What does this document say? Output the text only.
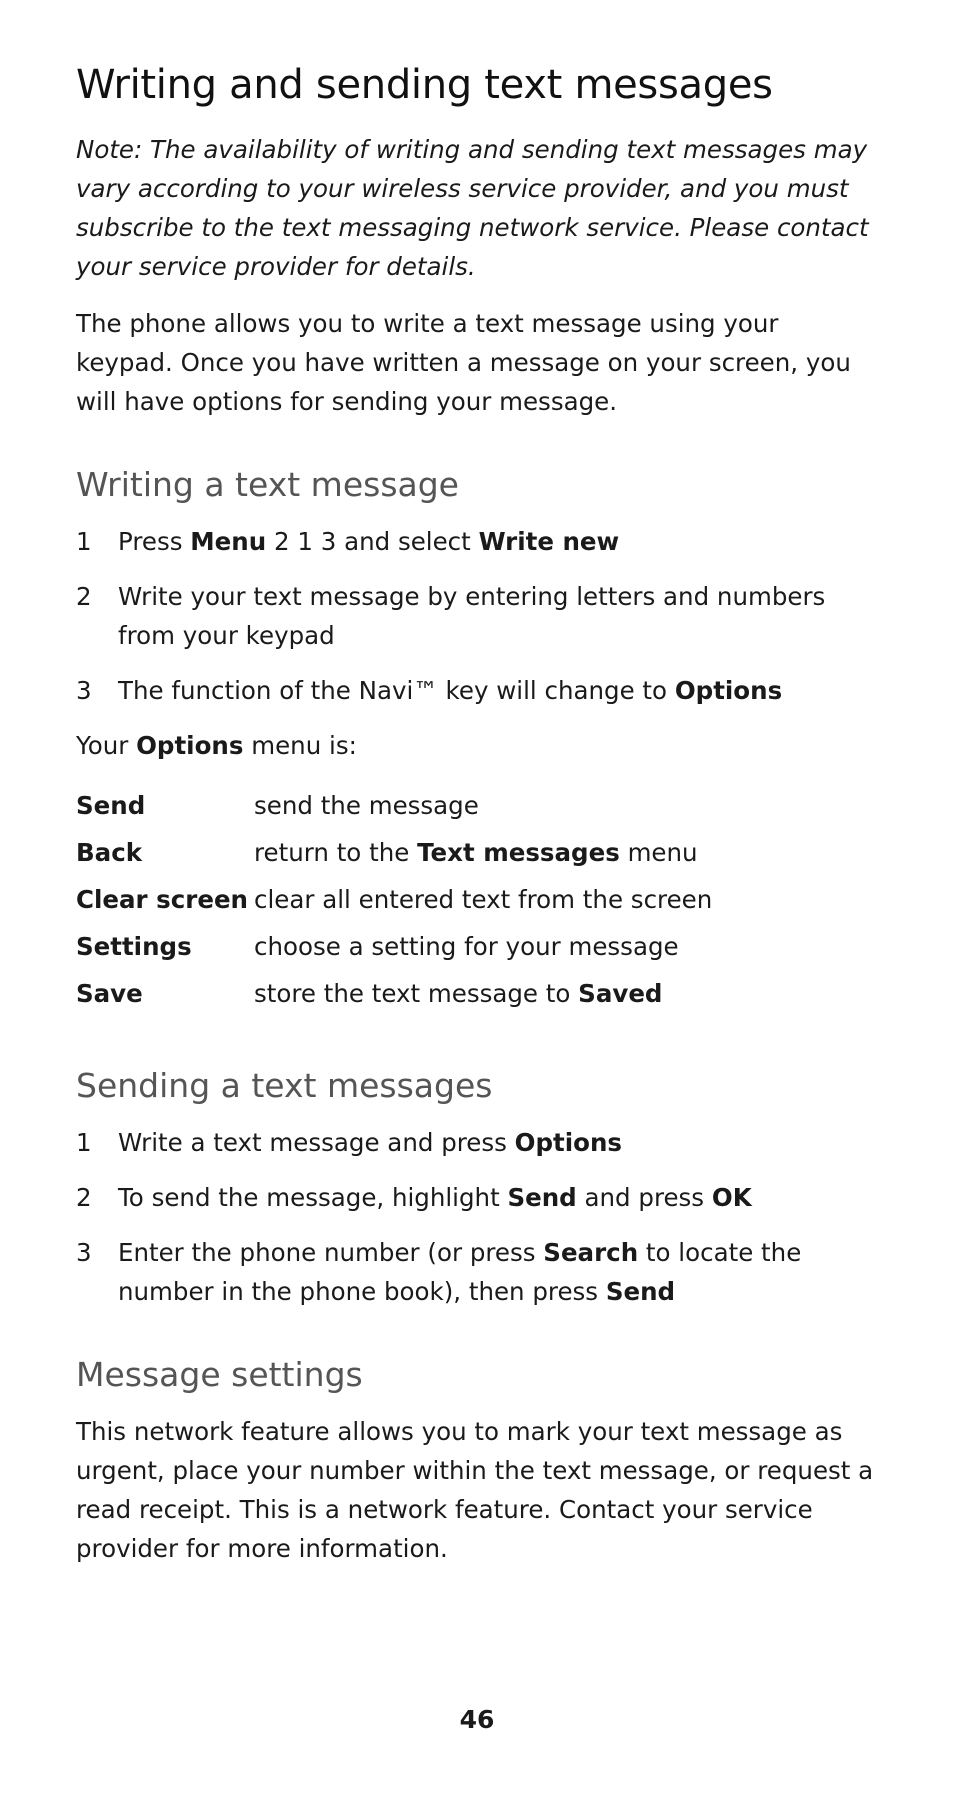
Writing and sending text messages

Note: The availability of writing and sending text messages may vary according to your wireless service provider, and you must subscribe to the text messaging network service. Please contact your service provider for details.

The phone allows you to write a text message using your keypad. Once you have written a message on your screen, you will have options for sending your message.

Writing a text message
1	Press Menu 2 1 3 and select Write new
2	Write your text message by entering letters and numbers from your keypad
3	The function of the Navi™ key will change to Options

Your Options menu is:

Send	send the message
Back	return to the Text messages menu
Clear screen	clear all entered text from the screen
Settings	choose a setting for your message
Save	store the text message to Saved
Sending a text messages
1	Write a text message and press Options
2	To send the message, highlight Send and press OK
3	Enter the phone number (or press Search to locate the number in the phone book), then press Send
Message settings

This network feature allows you to mark your text message as urgent, place your number within the text message, or request a read receipt. This is a network feature. Contact your service provider for more information.

46
